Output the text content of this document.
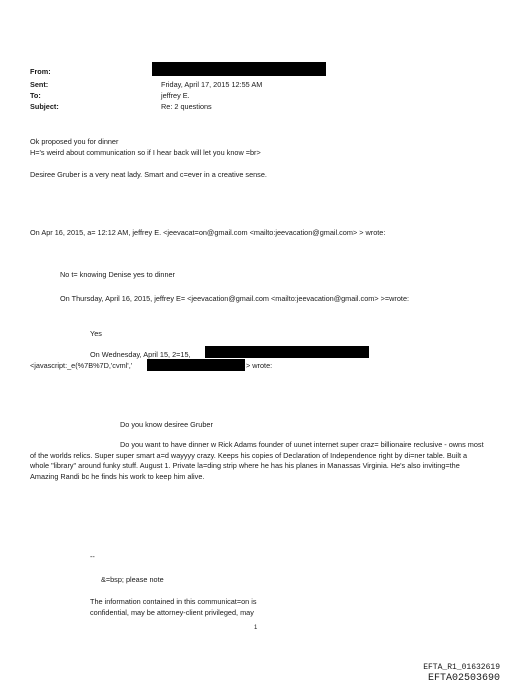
From:
Sent:	Friday, April 17, 2015 12:55 AM
To:	jeffrey E.
Subject:	Re: 2 questions
Ok proposed you for dinner
H='s weird about communication so if I hear back will let you know =br>
Desiree Gruber is a very neat lady. Smart and c=ever in a creative sense.
On Apr 16, 2015, a= 12:12 AM, jeffrey E. <jeevacat=on@gmail.com <mailto:jeevacation@gmail.com> > wrote:
No t= knowing Denise yes to dinner
On Thursday, April 16, 2015, jeffrey E= <jeevacation@gmail.com <mailto:jeevacation@gmail.com> >=wrote:
Yes
On Wednesday, April 15, 2=15,
<javascript:_e(%7B%7D,'cvml','	> wrote:
Do you know desiree Gruber
Do you want to have dinner w Rick Adams founder of uunet internet super craz= billionaire reclusive - owns most of the worlds relics. Super super smart a=d wayyyy crazy. Keeps his copies of Declaration of Independence right by di=ner table. Built a whole "library" around funky stuff. August 1. Private la=ding strip where he has his planes in Manassas Virginia. He's also inviting=the Amazing Randi bc he finds his work to keep him alive.
--
&=bsp; please note
The information contained in this communicat=on is
confidential, may be attorney-client privileged, may
1
EFTA_R1_01632619
EFTA02503690
